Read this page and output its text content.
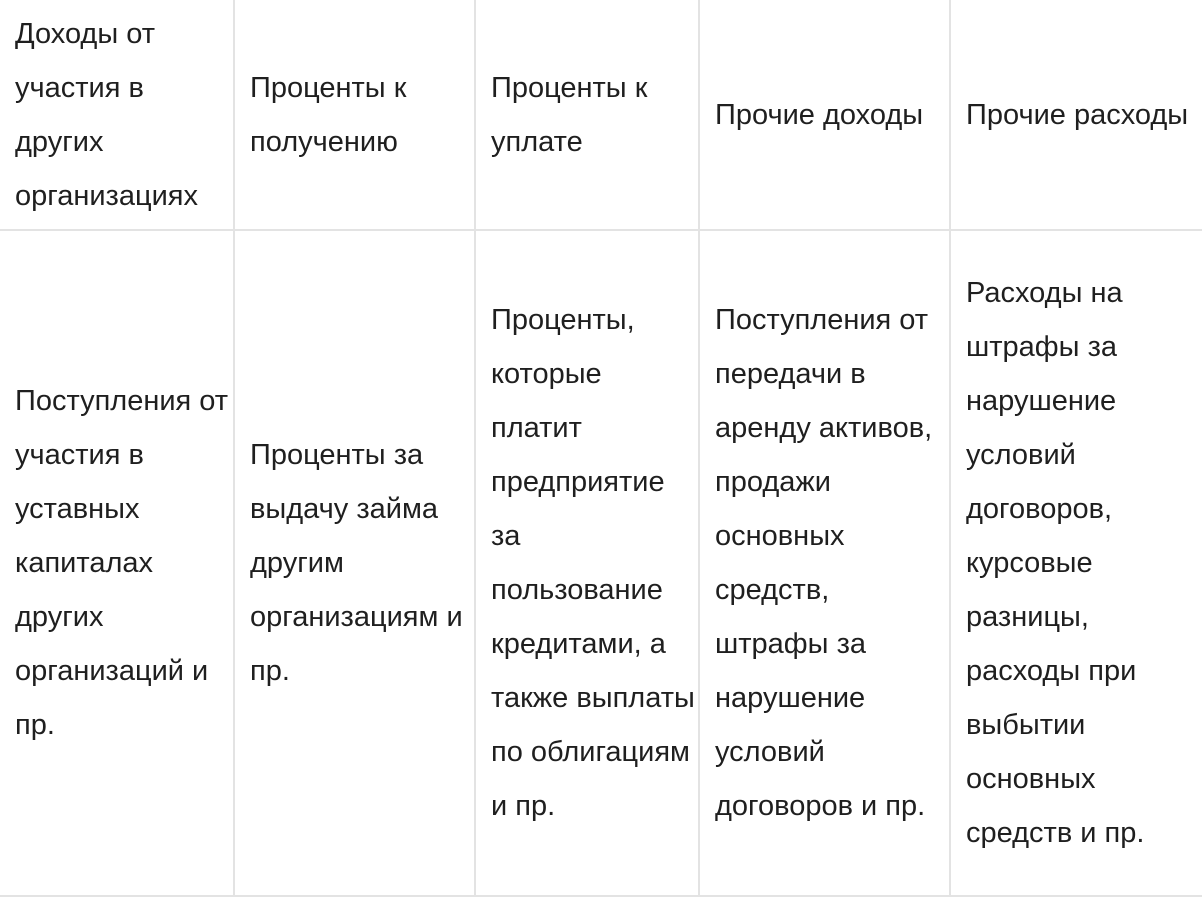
Доходы от участия в других организациях	Проценты к получению	Проценты к уплате	Прочие доходы	Прочие расходы

Поступления от участия в уставных капиталах других организаций и пр.	Проценты за выдачу займа другим организациям и пр.	Проценты, которые платит предприятие за пользование кредитами, а также выплаты по облигациям и пр.	Поступления от передачи в аренду активов, продажи основных средств, штрафы за нарушение условий договоров и пр.	Расходы на штрафы за нарушение условий договоров, курсовые разницы, расходы при выбытии основных средств и пр.
